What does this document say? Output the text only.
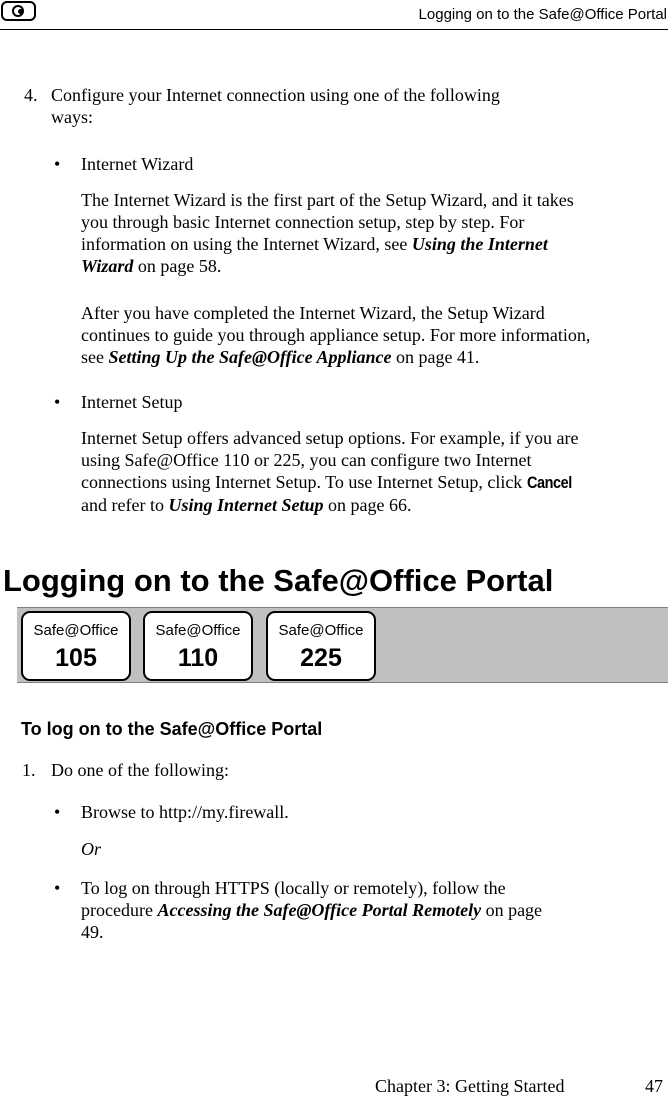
Logging on to the Safe@Office Portal
4. Configure your Internet connection using one of the following
ways:
•
Internet Wizard
The Internet Wizard is the first part of the Setup Wizard, and it takes
you through basic Internet connection setup, step by step. For
information on using the Internet Wizard, see Using the Internet
Wizard on page 58.
After you have completed the Internet Wizard, the Setup Wizard
continues to guide you through appliance setup. For more information,
see Setting Up the Safe@Office Appliance on page 41.
•
Internet Setup
Internet Setup offers advanced setup options. For example, if you are
using Safe@Office 110 or 225, you can configure two Internet
connections using Internet Setup. To use Internet Setup, click Cancel
and refer to Using Internet Setup on page 66.
Logging on to the Safe@Office Portal
Safe@Office
105
Safe@Office
110
Safe@Office
225
To log on to the Safe@Office Portal
1. Do one of the following:
•
Browse to http://my.firewall.
Or
•
To log on through HTTPS (locally or remotely), follow the
procedure Accessing the Safe@Office Portal Remotely on page
49.
Chapter 3: Getting Started	47
